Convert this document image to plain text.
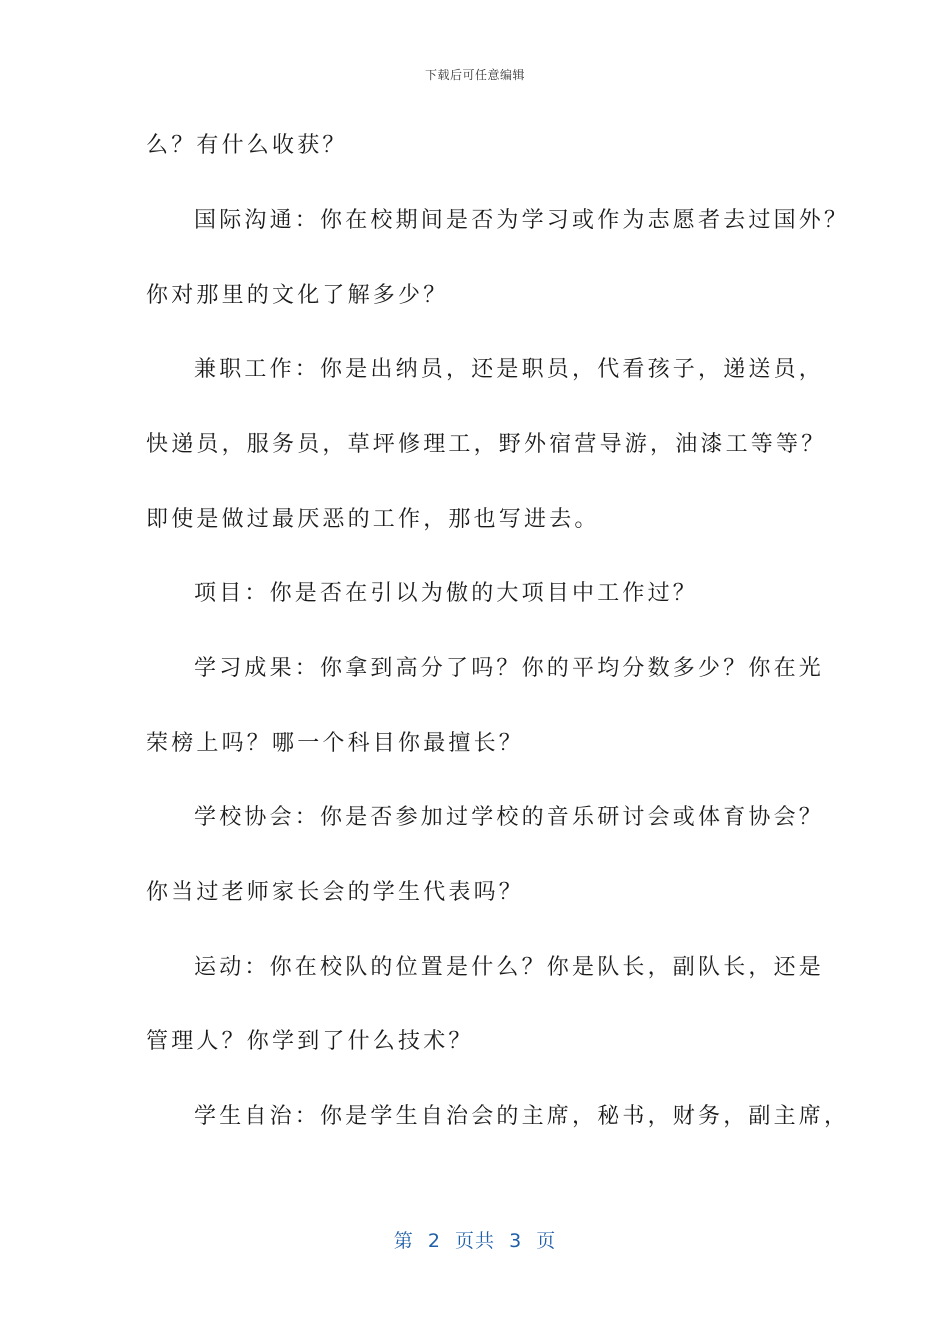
下载后可任意编辑
么？有什么收获？
国际沟通：你在校期间是否为学习或作为志愿者去过国外？
你对那里的文化了解多少？
兼职工作：你是出纳员，还是职员，代看孩子，递送员，
快递员，服务员，草坪修理工，野外宿营导游，油漆工等等？
即使是做过最厌恶的工作，那也写进去。
项目：你是否在引以为傲的大项目中工作过？
学习成果：你拿到高分了吗？你的平均分数多少？你在光
荣榜上吗？哪一个科目你最擅长？
学校协会：你是否参加过学校的音乐研讨会或体育协会？
你当过老师家长会的学生代表吗？
运动：你在校队的位置是什么？你是队长，副队长，还是
管理人？你学到了什么技术？
学生自治：你是学生自治会的主席，秘书，财务，副主席，
第  2  页共  3  页
